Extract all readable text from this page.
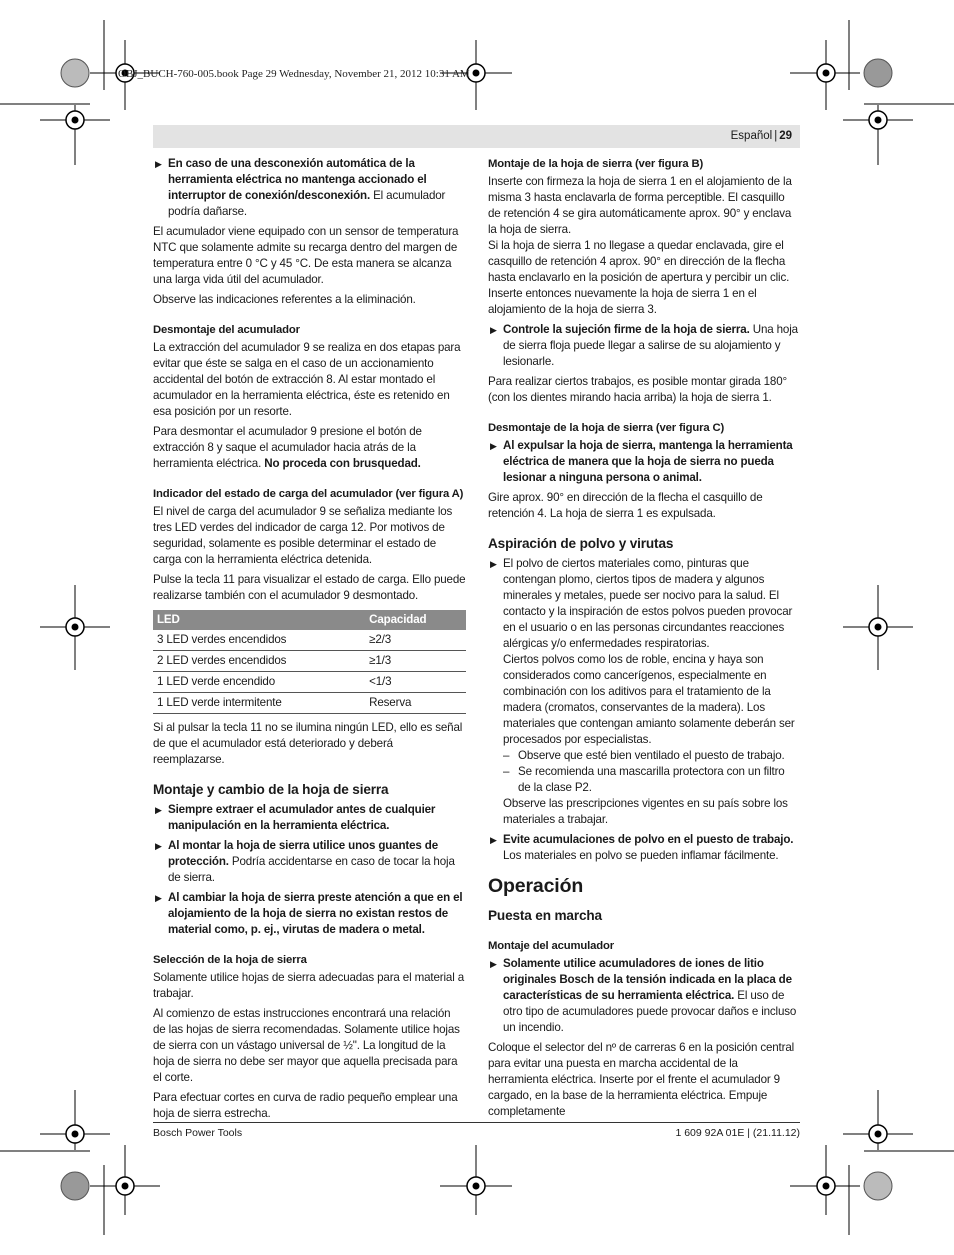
OBJ_BUCH-760-005.book Page 29 Wednesday, November 21, 2012 10:31 AM
Español | 29
▶ En caso de una desconexión automática de la herramienta eléctrica no mantenga accionado el interruptor de conexión/desconexión. El acumulador podría dañarse.

El acumulador viene equipado con un sensor de temperatura NTC que solamente admite su recarga dentro del margen de temperatura entre 0 °C y 45 °C. De esta manera se alcanza una larga vida útil del acumulador.

Observe las indicaciones referentes a la eliminación.

Desmontaje del acumulador

La extracción del acumulador 9 se realiza en dos etapas para evitar que éste se salga en el caso de un accionamiento accidental del botón de extracción 8. Al estar montado el acumulador en la herramienta eléctrica, éste es retenido en esa posición por un resorte.

Para desmontar el acumulador 9 presione el botón de extracción 8 y saque el acumulador hacia atrás de la herramienta eléctrica. No proceda con brusquedad.

Indicador del estado de carga del acumulador (ver figura A)

El nivel de carga del acumulador 9 se señaliza mediante los tres LED verdes del indicador de carga 12. Por motivos de seguridad, solamente es posible determinar el estado de carga con la herramienta eléctrica detenida.

Pulse la tecla 11 para visualizar el estado de carga. Ello puede realizarse también con el acumulador 9 desmontado.

LED	Capacidad
3 LED verdes encendidos	≥2/3
2 LED verdes encendidos	≥1/3
1 LED verde encendido	<1/3
1 LED verde intermitente	Reserva

Si al pulsar la tecla 11 no se ilumina ningún LED, ello es señal de que el acumulador está deteriorado y deberá reemplazarse.

Montaje y cambio de la hoja de sierra
▶ Siempre extraer el acumulador antes de cualquier manipulación en la herramienta eléctrica.
▶ Al montar la hoja de sierra utilice unos guantes de protección. Podría accidentarse en caso de tocar la hoja de sierra.
▶ Al cambiar la hoja de sierra preste atención a que en el alojamiento de la hoja de sierra no existan restos de material como, p. ej., virutas de madera o metal.
Selección de la hoja de sierra

Solamente utilice hojas de sierra adecuadas para el material a trabajar.

Al comienzo de estas instrucciones encontrará una relación de las hojas de sierra recomendadas. Solamente utilice hojas de sierra con un vástago universal de ½". La longitud de la hoja de sierra no debe ser mayor que aquella precisada para el corte.

Para efectuar cortes en curva de radio pequeño emplear una hoja de sierra estrecha.

Montaje de la hoja de sierra (ver figura B)

Inserte con firmeza la hoja de sierra 1 en el alojamiento de la misma 3 hasta enclavarla de forma perceptible. El casquillo de retención 4 se gira automáticamente aprox. 90° y enclava la hoja de sierra.

Si la hoja de sierra 1 no llegase a quedar enclavada, gire el casquillo de retención 4 aprox. 90° en dirección de la flecha hasta enclavarlo en la posición de apertura y percibir un clic. Inserte entonces nuevamente la hoja de sierra 1 en el alojamiento de la hoja de sierra 3.

▶ Controle la sujeción firme de la hoja de sierra. Una hoja de sierra floja puede llegar a salirse de su alojamiento y lesionarle.

Para realizar ciertos trabajos, es posible montar girada 180° (con los dientes mirando hacia arriba) la hoja de sierra 1.

Desmontaje de la hoja de sierra (ver figura C)
▶ Al expulsar la hoja de sierra, mantenga la herramienta eléctrica de manera que la hoja de sierra no pueda lesionar a ninguna persona o animal.

Gire aprox. 90° en dirección de la flecha el casquillo de retención 4. La hoja de sierra 1 es expulsada.

Aspiración de polvo y virutas
▶ El polvo de ciertos materiales como, pinturas que contengan plomo, ciertos tipos de madera y algunos minerales y metales, puede ser nocivo para la salud. El contacto y la inspiración de estos polvos pueden provocar en el usuario o en las personas circundantes reacciones alérgicas y/o enfermedades respiratorias.
Ciertos polvos como los de roble, encina y haya son considerados como cancerígenos, especialmente en combinación con los aditivos para el tratamiento de la madera (cromatos, conservantes de la madera). Los materiales que contengan amianto solamente deberán ser procesados por especialistas.
– Observe que esté bien ventilado el puesto de trabajo.
– Se recomienda una mascarilla protectora con un filtro de la clase P2.
Observe las prescripciones vigentes en su país sobre los materiales a trabajar.
▶ Evite acumulaciones de polvo en el puesto de trabajo.
Los materiales en polvo se pueden inflamar fácilmente.
Operación
Puesta en marcha
Montaje del acumulador
▶ Solamente utilice acumuladores de iones de litio originales Bosch de la tensión indicada en la placa de características de su herramienta eléctrica. El uso de otro tipo de acumuladores puede provocar daños e incluso un incendio.

Coloque el selector del nº de carreras 6 en la posición central para evitar una puesta en marcha accidental de la herramienta eléctrica. Inserte por el frente el acumulador 9 cargado, en la base de la herramienta eléctrica. Empuje completamente

Bosch Power Tools	1 609 92A 01E | (21.11.12)
